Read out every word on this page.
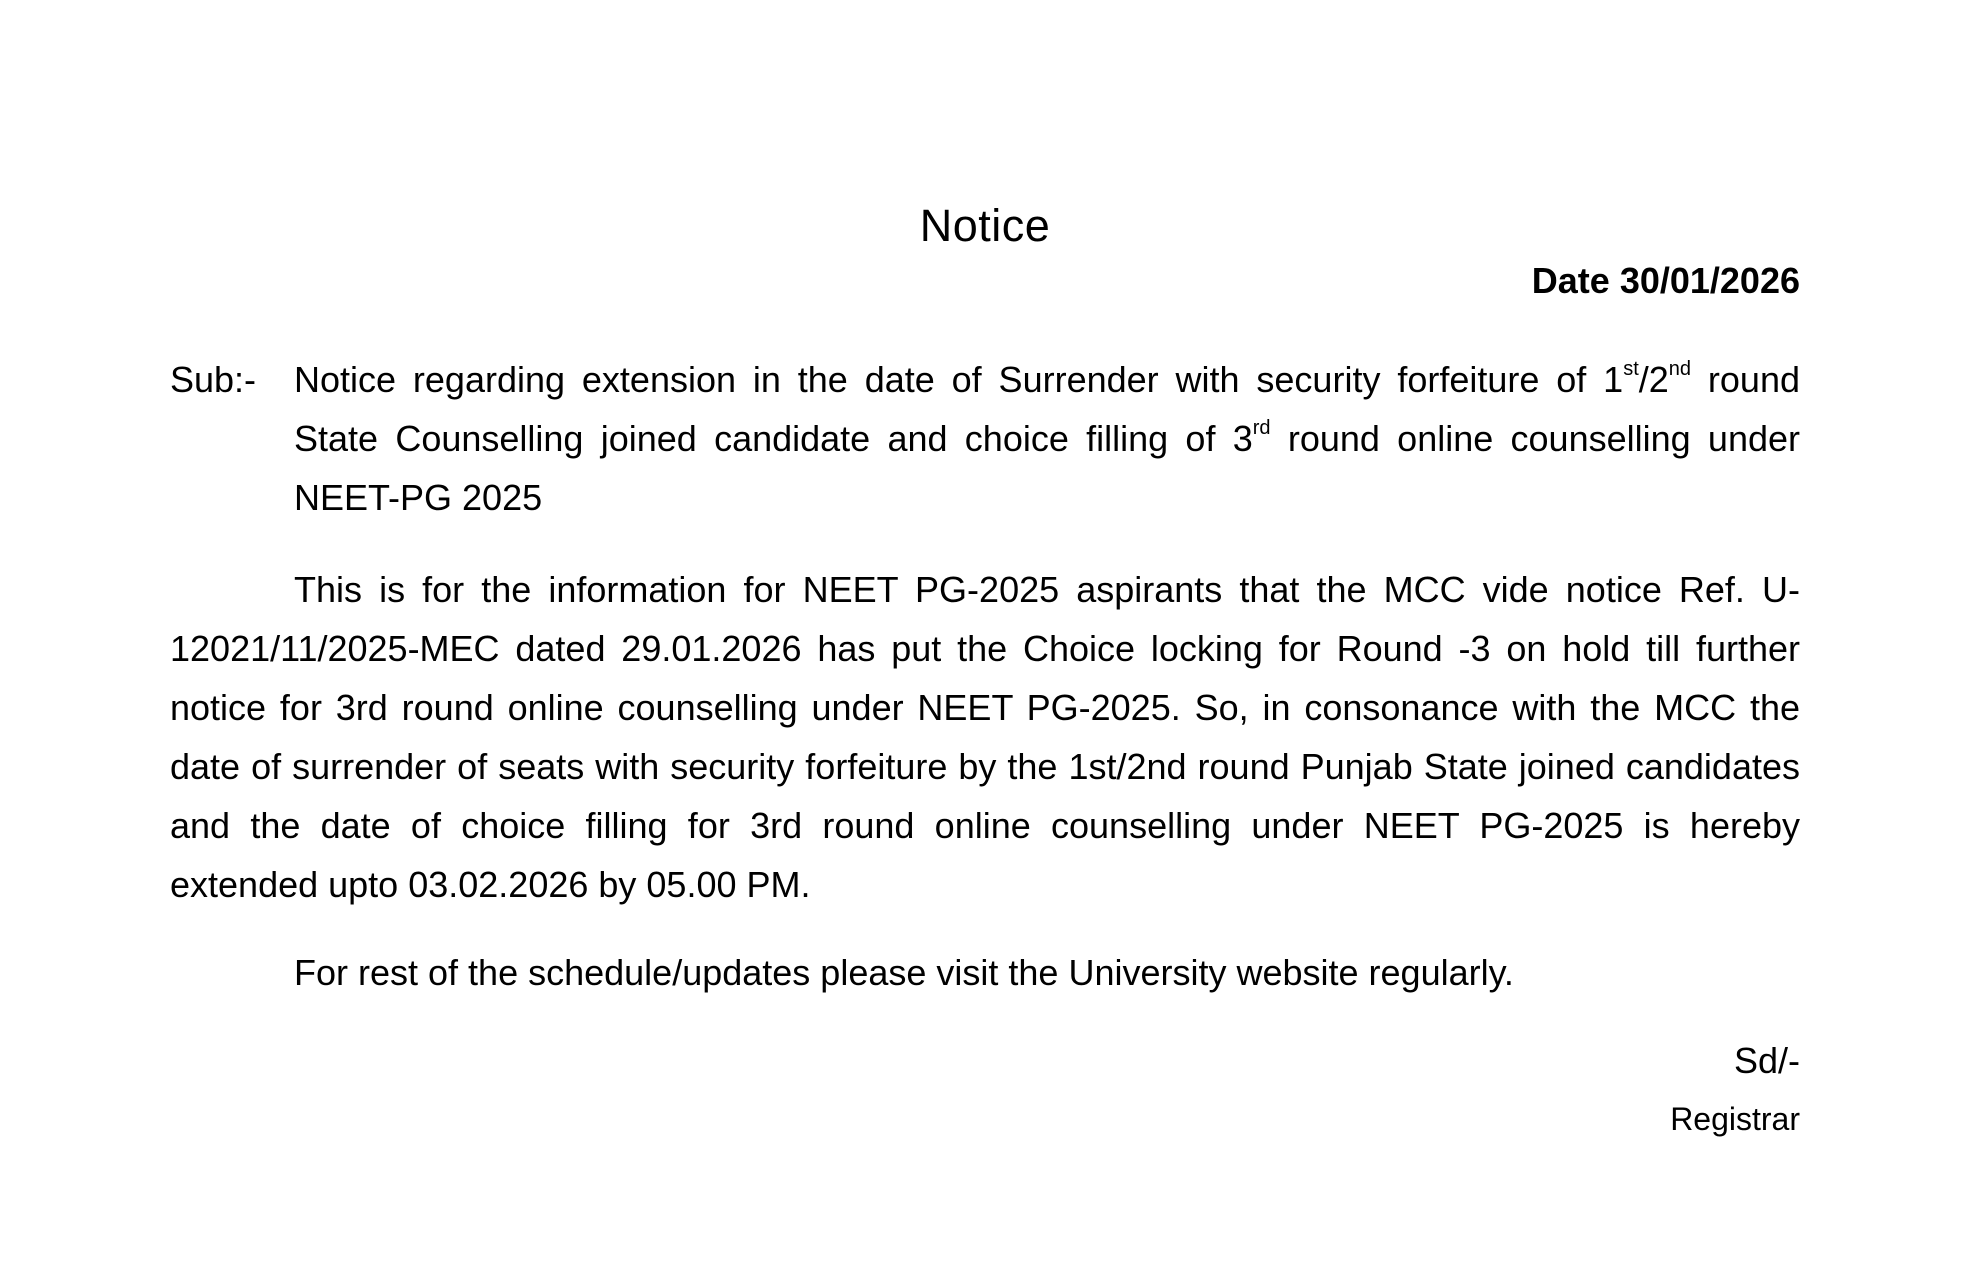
Notice
Date 30/01/2026
Sub:- Notice regarding extension in the date of Surrender with security forfeiture of 1st/2nd round State Counselling joined candidate and choice filling of 3rd round online counselling under NEET-PG 2025
This is for the information for NEET PG-2025 aspirants that the MCC vide notice Ref. U-12021/11/2025-MEC dated 29.01.2026 has put the Choice locking for Round -3 on hold till further notice for 3rd round online counselling under NEET PG-2025. So, in consonance with the MCC the date of surrender of seats with security forfeiture by the 1st/2nd round Punjab State joined candidates and the date of choice filling for 3rd round online counselling under NEET PG-2025 is hereby extended upto 03.02.2026 by 05.00 PM.
For rest of the schedule/updates please visit the University website regularly.
Sd/-
Registrar
